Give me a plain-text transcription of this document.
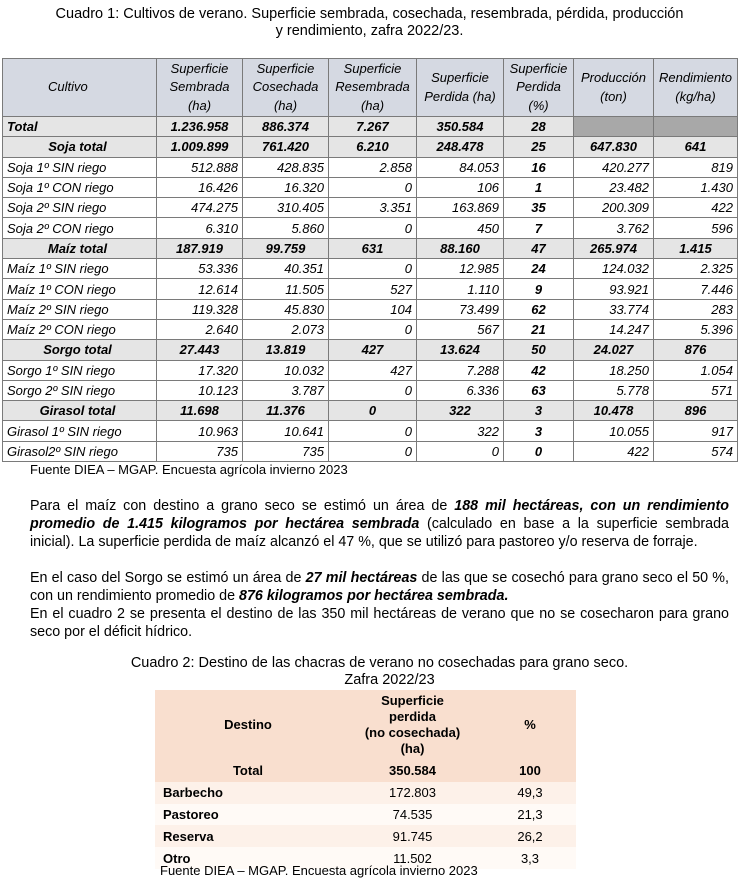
Cuadro 1: Cultivos de verano. Superficie sembrada, cosechada, resembrada, pérdida, producción
y rendimiento, zafra 2022/23.
Cultivo	Superficie Sembrada (ha)	Superficie Cosechada (ha)	Superficie Resembrada (ha)	Superficie Perdida (ha)	Superficie Perdida (%)	Producción (ton)	Rendimiento (kg/ha)
Total	1.236.958	886.374	7.267	350.584	28		
Soja total	1.009.899	761.420	6.210	248.478	25	647.830	641
Soja 1º SIN riego	512.888	428.835	2.858	84.053	16	420.277	819
Soja 1º CON riego	16.426	16.320	0	106	1	23.482	1.430
Soja 2º SIN riego	474.275	310.405	3.351	163.869	35	200.309	422
Soja 2º CON riego	6.310	5.860	0	450	7	3.762	596
Maíz total	187.919	99.759	631	88.160	47	265.974	1.415
Maíz 1º SIN riego	53.336	40.351	0	12.985	24	124.032	2.325
Maíz 1º CON riego	12.614	11.505	527	1.110	9	93.921	7.446
Maíz 2º SIN riego	119.328	45.830	104	73.499	62	33.774	283
Maíz 2º CON riego	2.640	2.073	0	567	21	14.247	5.396
Sorgo total	27.443	13.819	427	13.624	50	24.027	876
Sorgo 1º SIN riego	17.320	10.032	427	7.288	42	18.250	1.054
Sorgo 2º SIN riego	10.123	3.787	0	6.336	63	5.778	571
Girasol total	11.698	11.376	0	322	3	10.478	896
Girasol 1º SIN riego	10.963	10.641	0	322	3	10.055	917
Girasol2º SIN riego	735	735	0	0	0	422	574
Fuente DIEA – MGAP. Encuesta agrícola invierno 2023

Para el maíz con destino a grano seco se estimó un área de 188 mil hectáreas, con un rendimiento promedio de 1.415 kilogramos por hectárea sembrada (calculado en base a la superficie sembrada inicial). La superficie perdida de maíz alcanzó el 47 %, que se utilizó para pastoreo y/o reserva de forraje.

En el caso del Sorgo se estimó un área de 27 mil hectáreas de las que se cosechó para grano seco el 50 %, con un rendimiento promedio de 876 kilogramos por hectárea sembrada.

En el cuadro 2 se presenta el destino de las 350 mil hectáreas de verano que no se cosecharon para grano seco por el déficit hídrico.

Cuadro 2: Destino de las chacras de verano no cosechadas para grano seco.
Zafra 2022/23
Destino	Superficie
perdida
(no cosechada)
(ha)	%
Total	350.584	100
Barbecho	172.803	49,3
Pastoreo	74.535	21,3
Reserva	91.745	26,2
Otro	11.502	3,3
Fuente DIEA – MGAP. Encuesta agrícola invierno 2023
